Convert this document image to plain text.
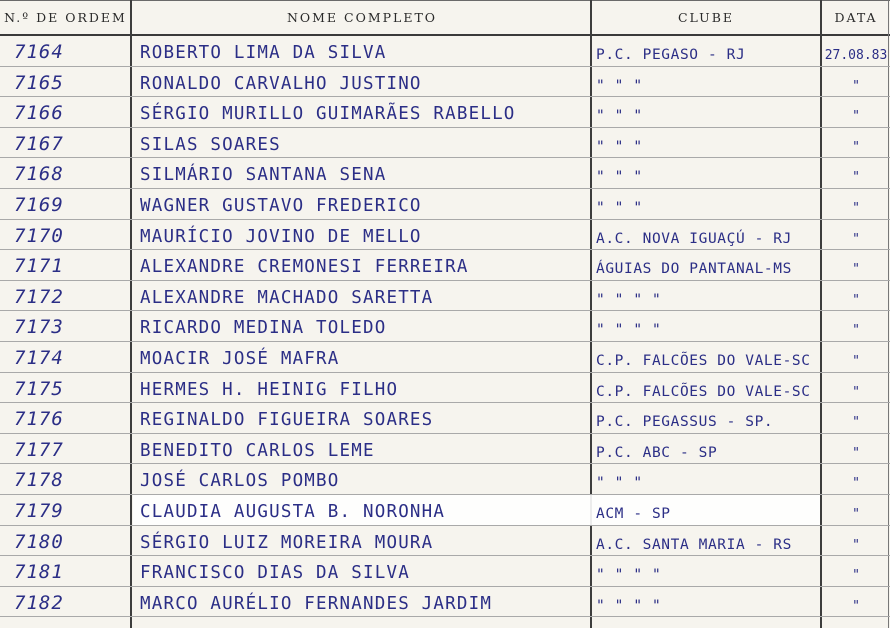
N.º DE ORDEM	NOME COMPLETO	CLUBE	DATA
7164	ROBERTO LIMA DA SILVA	P.C. PEGASO - RJ	27.08.83
7165	RONALDO CARVALHO JUSTINO	" " "	"
7166	SÉRGIO MURILLO GUIMARÃES RABELLO	" " "	"
7167	SILAS SOARES	" " "	"
7168	SILMÁRIO SANTANA SENA	" " "	"
7169	WAGNER GUSTAVO FREDERICO	" " "	"
7170	MAURÍCIO JOVINO DE MELLO	A.C. NOVA IGUAÇÚ - RJ	"
7171	ALEXANDRE CREMONESI FERREIRA	ÁGUIAS DO PANTANAL-MS	"
7172	ALEXANDRE MACHADO SARETTA	" " " "	"
7173	RICARDO MEDINA TOLEDO	" " " "	"
7174	MOACIR JOSÉ MAFRA	C.P. FALCÕES DO VALE-SC	"
7175	HERMES H. HEINIG FILHO	C.P. FALCÕES DO VALE-SC	"
7176	REGINALDO FIGUEIRA SOARES	P.C. PEGASSUS - SP.	"
7177	BENEDITO CARLOS LEME	P.C. ABC - SP	"
7178	JOSÉ CARLOS POMBO	" " "	"
7179	CLAUDIA AUGUSTA B. NORONHA	ACM - SP	"
7180	SÉRGIO LUIZ MOREIRA MOURA	A.C. SANTA MARIA - RS	"
7181	FRANCISCO DIAS DA SILVA	" " " "	"
7182	MARCO AURÉLIO FERNANDES JARDIM	" " " "	"
